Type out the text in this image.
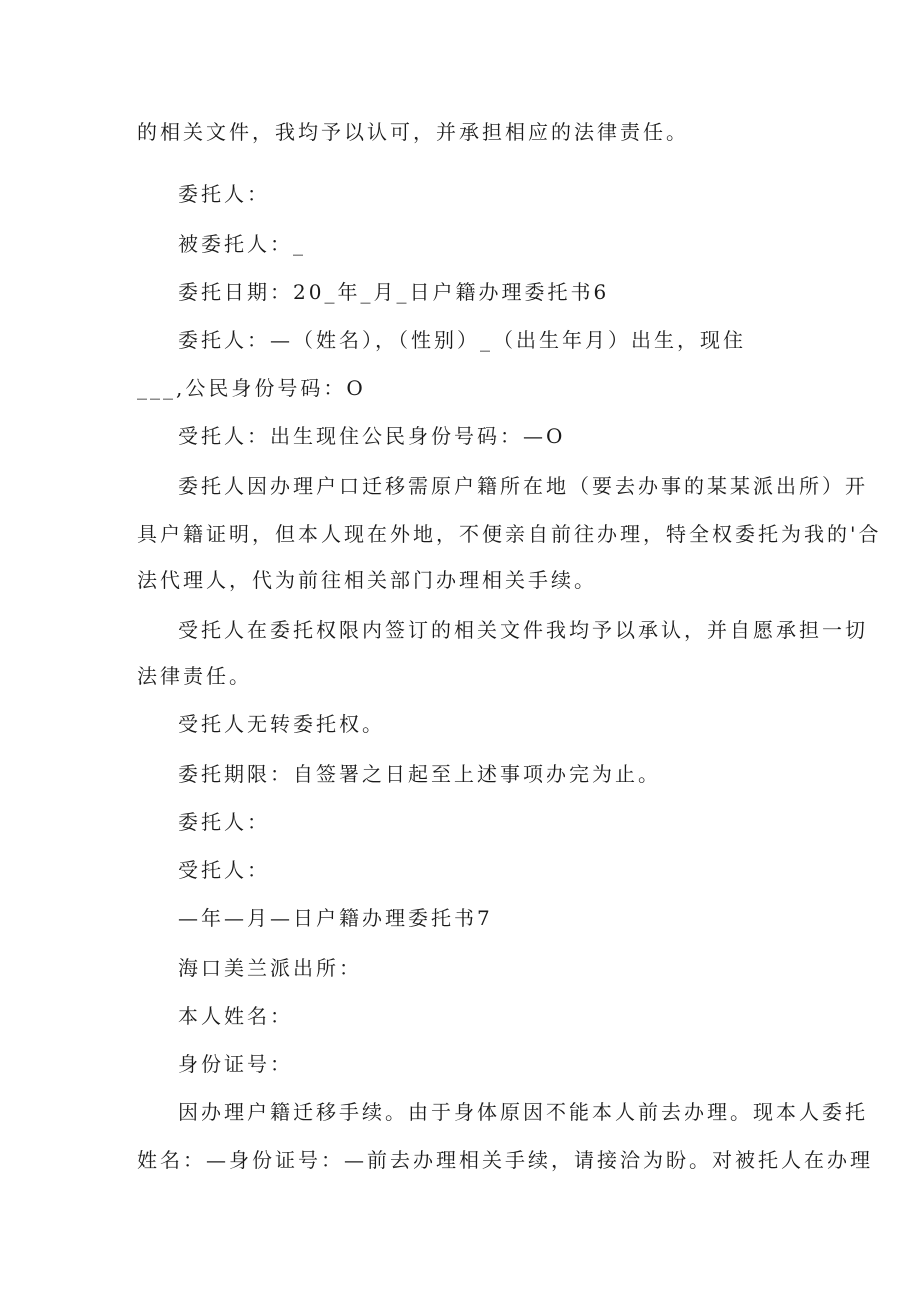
的相关文件，我均予以认可，并承担相应的法律责任。
委托人：
被委托人：_
委托日期：20_年_月_日户籍办理委托书6
委托人：—（姓名），（性别）_（出生年月）出生，现住
___,公民身份号码：O
受托人：出生现住公民身份号码：—O
委托人因办理户口迁移需原户籍所在地（要去办事的某某派出所）开
具户籍证明，但本人现在外地，不便亲自前往办理，特全权委托为我的'合
法代理人，代为前往相关部门办理相关手续。
受托人在委托权限内签订的相关文件我均予以承认，并自愿承担一切
法律责任。
受托人无转委托权。
委托期限：自签署之日起至上述事项办完为止。
委托人：
受托人：
—年—月—日户籍办理委托书7
海口美兰派出所：
本人姓名：
身份证号：
因办理户籍迁移手续。由于身体原因不能本人前去办理。现本人委托
姓名：—身份证号：—前去办理相关手续，请接洽为盼。对被托人在办理
